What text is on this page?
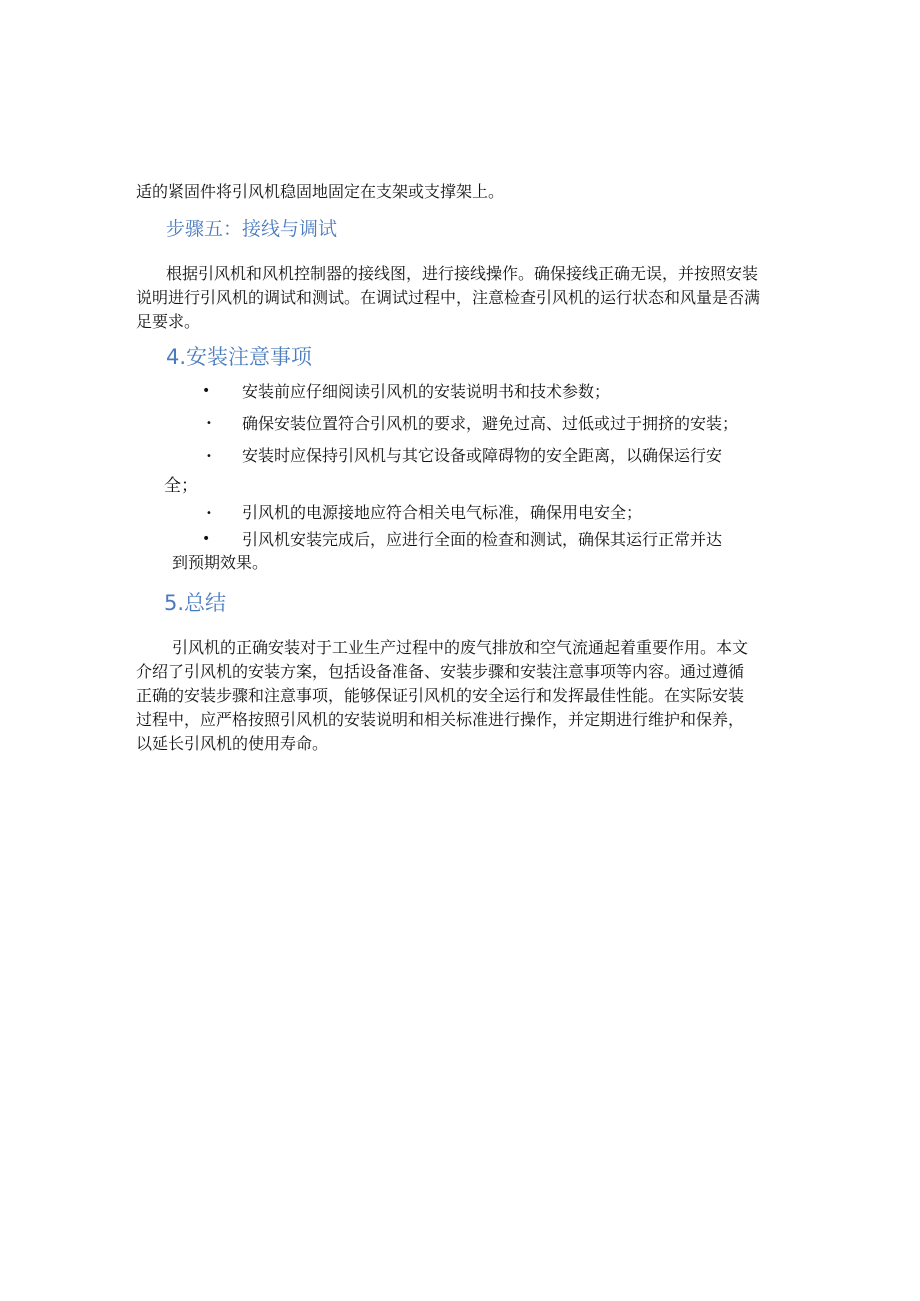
适的紧固件将引风机稳固地固定在支架或支撑架上。
步骤五：接线与调试
根据引风机和风机控制器的接线图，进行接线操作。确保接线正确无误，并按照安装
说明进行引风机的调试和测试。在调试过程中，注意检查引风机的运行状态和风量是否满
足要求。
4.安装注意事项
• 安装前应仔细阅读引风机的安装说明书和技术参数；
• 确保安装位置符合引风机的要求，避免过高、过低或过于拥挤的安装；
• 安装时应保持引风机与其它设备或障碍物的安全距离，以确保运行安
全；
• 引风机的电源接地应符合相关电气标准，确保用电安全；
• 引风机安装完成后，应进行全面的检查和测试，确保其运行正常并达
到预期效果。
5.总结
引风机的正确安装对于工业生产过程中的废气排放和空气流通起着重要作用。本文
介绍了引风机的安装方案，包括设备准备、安装步骤和安装注意事项等内容。通过遵循
正确的安装步骤和注意事项，能够保证引风机的安全运行和发挥最佳性能。在实际安装
过程中，应严格按照引风机的安装说明和相关标准进行操作，并定期进行维护和保养，
以延长引风机的使用寿命。
